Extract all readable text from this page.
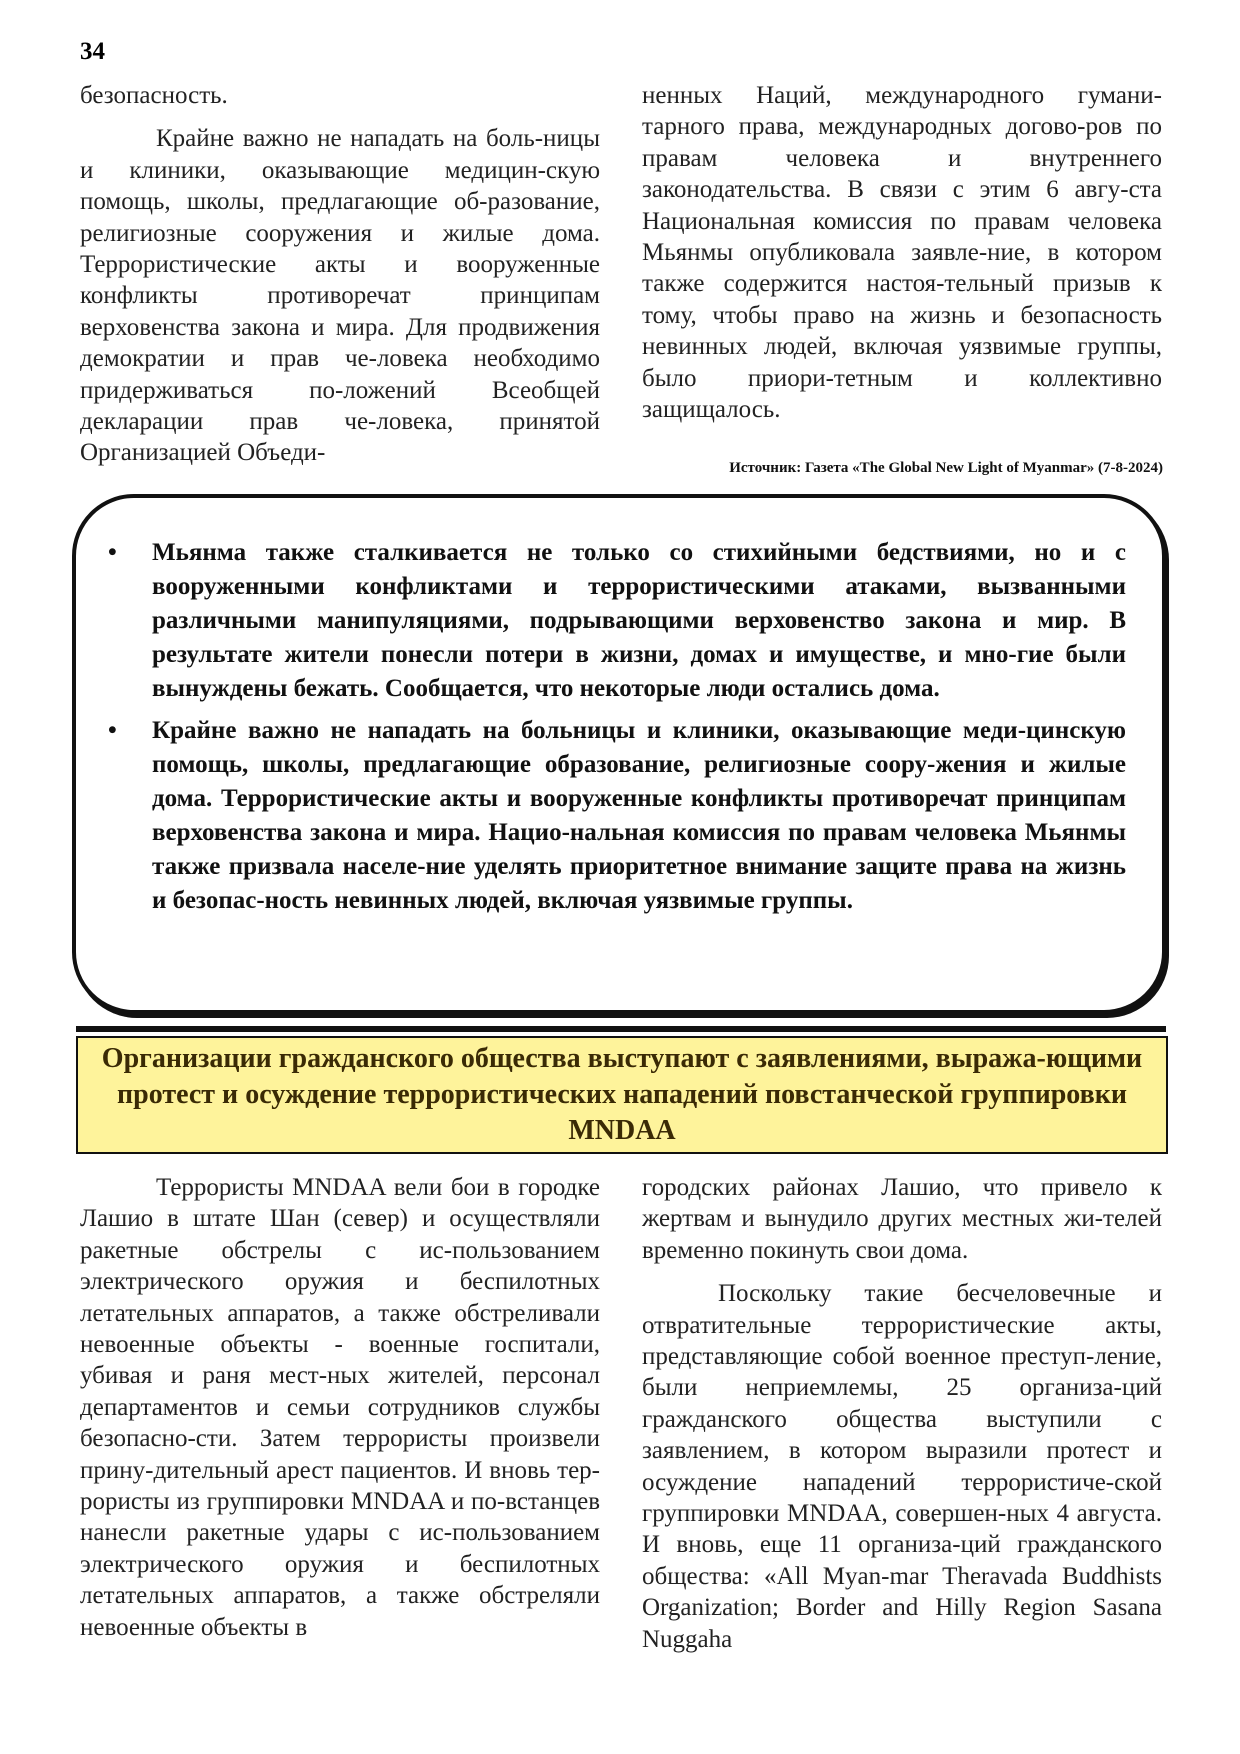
34

безопасность.

Крайне важно не нападать на боль-ницы и клиники, оказывающие медицин-скую помощь, школы, предлагающие об-разование, религиозные сооружения и жилые дома. Террористические акты и вооруженные конфликты противоречат принципам верховенства закона и мира. Для продвижения демократии и прав че-ловека необходимо придерживаться по-ложений Всеобщей декларации прав че-ловека, принятой Организацией Объеди-

ненных Наций, международного гумани-тарного права, международных догово-ров по правам человека и внутреннего законодательства. В связи с этим 6 авгу-ста Национальная комиссия по правам человека Мьянмы опубликовала заявле-ние, в котором также содержится настоя-тельный призыв к тому, чтобы право на жизнь и безопасность невинных людей, включая уязвимые группы, было приори-тетным и коллективно защищалось.

Источник: Газета «The Global New Light of Myanmar» (7-8-2024)
• Мьянма также сталкивается не только со стихийными бедствиями, но и с вооруженными конфликтами и террористическими атаками, вызванными различными манипуляциями, подрывающими верховенство закона и мир. В результате жители понесли потери в жизни, домах и имуществе, и мно-гие были вынуждены бежать. Сообщается, что некоторые люди остались дома.
• Крайне важно не нападать на больницы и клиники, оказывающие меди-цинскую помощь, школы, предлагающие образование, религиозные соору-жения и жилые дома. Террористические акты и вооруженные конфликты противоречат принципам верховенства закона и мира. Нацио-нальная комиссия по правам человека Мьянмы также призвала населе-ние уделять приоритетное внимание защите права на жизнь и безопас-ность невинных людей, включая уязвимые группы.
Организации гражданского общества выступают с заявлениями, выража-ющими протест и осуждение террористических нападений повстанческой группировки MNDAA

Террористы MNDAA вели бои в городке Лашио в штате Шан (север) и осуществляли ракетные обстрелы с ис-пользованием электрического оружия и беспилотных летательных аппаратов, а также обстреливали невоенные объекты - военные госпитали, убивая и раня мест-ных жителей, персонал департаментов и семьи сотрудников службы безопасно-сти. Затем террористы произвели прину-дительный арест пациентов. И вновь тер-рористы из группировки MNDAA и по-встанцев нанесли ракетные удары с ис-пользованием электрического оружия и беспилотных летательных аппаратов, а также обстреляли невоенные объекты в

городских районах Лашио, что привело к жертвам и вынудило других местных жи-телей временно покинуть свои дома.

Поскольку такие бесчеловечные и отвратительные террористические акты, представляющие собой военное преступ-ление, были неприемлемы, 25 организа-ций гражданского общества выступили с заявлением, в котором выразили протест и осуждение нападений террористиче-ской группировки MNDAA, совершен-ных 4 августа. И вновь, еще 11 организа-ций гражданского общества: «All Myan-mar Theravada Buddhists Organization; Border and Hilly Region Sasana Nuggaha
